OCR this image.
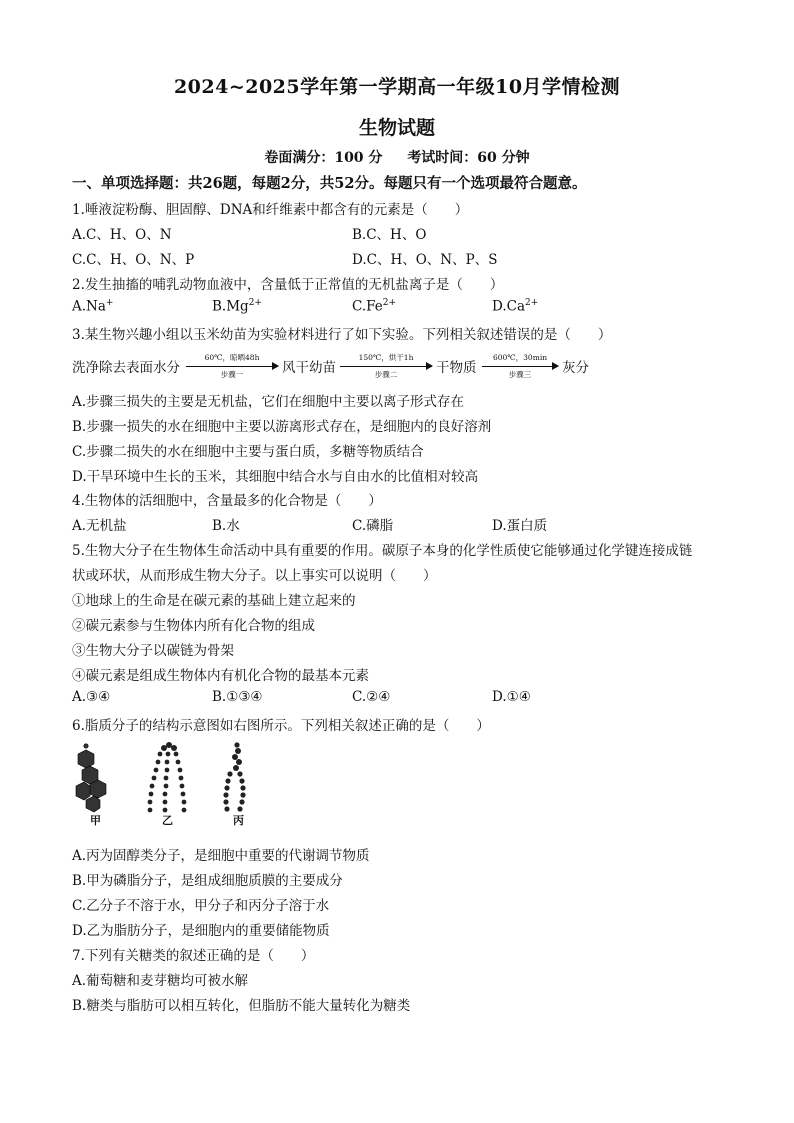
2024~2025学年第一学期高一年级10月学情检测
生物试题
卷面满分：100 分 考试时间：60 分钟
一、单项选择题：共26题，每题2分，共52分。每题只有一个选项最符合题意。
1.唾液淀粉酶、胆固醇、DNA和纤维素中都含有的元素是（　　）
A.C、H、O、N	B.C、H、O
C.C、H、O、N、P	D.C、H、O、N、P、S
2.发生抽搐的哺乳动物血液中，含量低于正常值的无机盐离子是（　　）
A.Na+	$B.Mg^{2+}$	$C.Fe^{2+}$	$D.Ca^{2+}$
3.某生物兴趣小组以玉米幼苗为实验材料进行了如下实验。下列相关叙述错误的是（　　）
洗净除去表面水分
60℃，晾晒48h
步骤一	风干幼苗
150℃，烘干1h
步骤二	干物质
600℃，30min
步骤三	灰分
A.步骤三损失的主要是无机盐，它们在细胞中主要以离子形式存在
B.步骤一损失的水在细胞中主要以游离形式存在，是细胞内的良好溶剂
C.步骤二损失的水在细胞中主要与蛋白质，多糖等物质结合
D.干旱环境中生长的玉米，其细胞中结合水与自由水的比值相对较高
4.生物体的活细胞中，含量最多的化合物是（　　）
A.无机盐	B.水	C.磷脂	D.蛋白质
5.生物大分子在生物体生命活动中具有重要的作用。碳原子本身的化学性质使它能够通过化学键连接成链
状或环状，从而形成生物大分子。以上事实可以说明（　　）
①地球上的生命是在碳元素的基础上建立起来的
②碳元素参与生物体内所有化合物的组成
③生物大分子以碳链为骨架
④碳元素是组成生物体内有机化合物的最基本元素
A.③④	B.①③④	C.②④	D.①④
6.脂质分子的结构示意图如右图所示。下列相关叙述正确的是（　　）
甲	乙	丙
A.丙为固醇类分子，是细胞中重要的代谢调节物质
B.甲为磷脂分子，是组成细胞质膜的主要成分
C.乙分子不溶于水，甲分子和丙分子溶于水
D.乙为脂肪分子，是细胞内的重要储能物质
7.下列有关糖类的叙述正确的是（　　）
A.葡萄糖和麦芽糖均可被水解
B.糖类与脂肪可以相互转化，但脂肪不能大量转化为糖类
